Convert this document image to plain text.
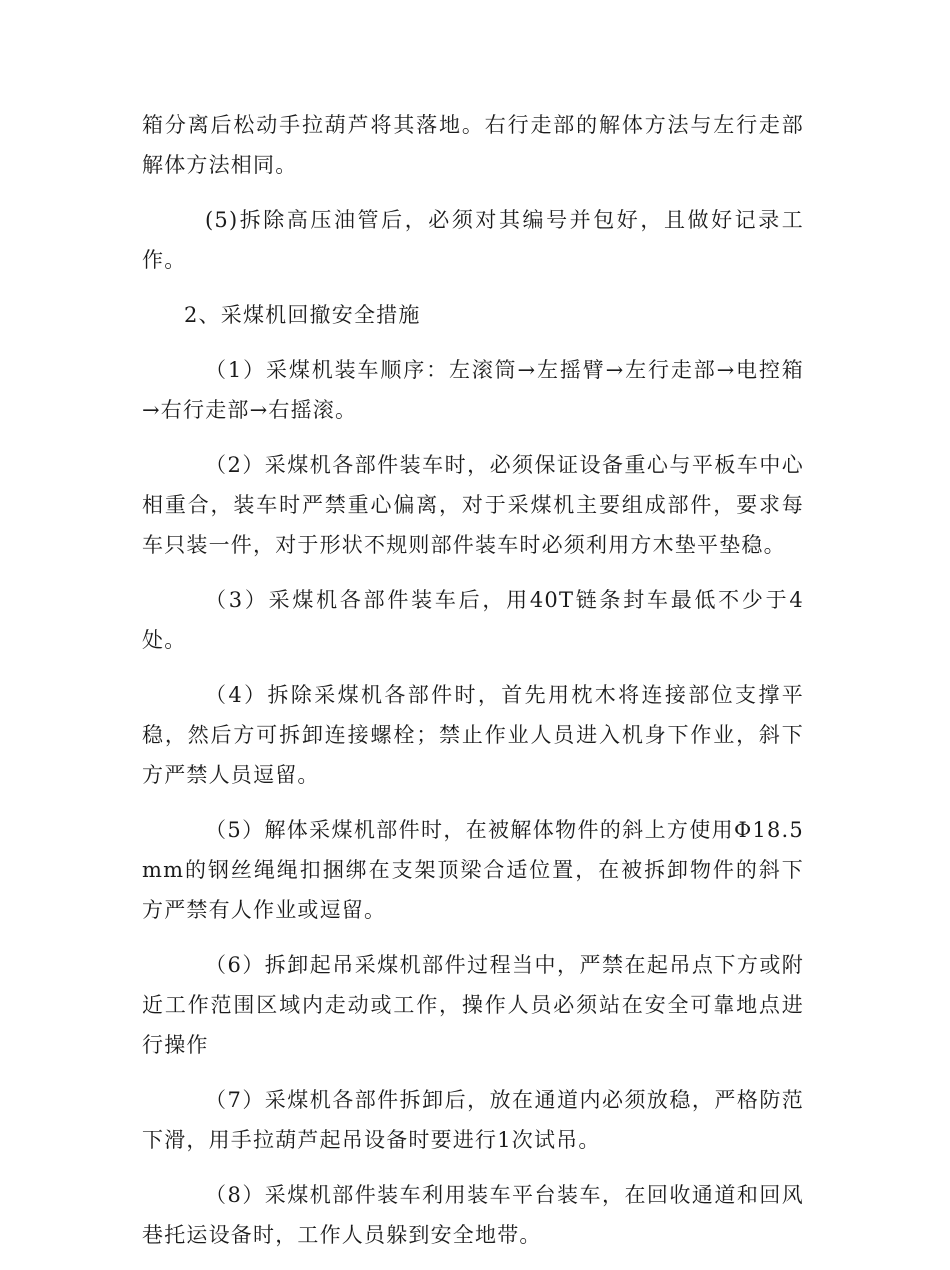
箱分离后松动手拉葫芦将其落地。右行走部的解体方法与左行走部解体方法相同。

(5)拆除高压油管后，必须对其编号并包好，且做好记录工作。

2、采煤机回撤安全措施

（1）采煤机装车顺序：左滚筒→左摇臂→左行走部→电控箱→右行走部→右摇滚。

（2）采煤机各部件装车时，必须保证设备重心与平板车中心相重合，装车时严禁重心偏离，对于采煤机主要组成部件，要求每车只装一件，对于形状不规则部件装车时必须利用方木垫平垫稳。

（3）采煤机各部件装车后，用40T链条封车最低不少于4处。

（4）拆除采煤机各部件时，首先用枕木将连接部位支撑平稳，然后方可拆卸连接螺栓；禁止作业人员进入机身下作业，斜下方严禁人员逗留。

（5）解体采煤机部件时，在被解体物件的斜上方使用Φ18.5mm的钢丝绳绳扣捆绑在支架顶梁合适位置，在被拆卸物件的斜下方严禁有人作业或逗留。

（6）拆卸起吊采煤机部件过程当中，严禁在起吊点下方或附近工作范围区域内走动或工作，操作人员必须站在安全可靠地点进行操作

（7）采煤机各部件拆卸后，放在通道内必须放稳，严格防范下滑，用手拉葫芦起吊设备时要进行1次试吊。

（8）采煤机部件装车利用装车平台装车，在回收通道和回风巷托运设备时，工作人员躲到安全地带。
